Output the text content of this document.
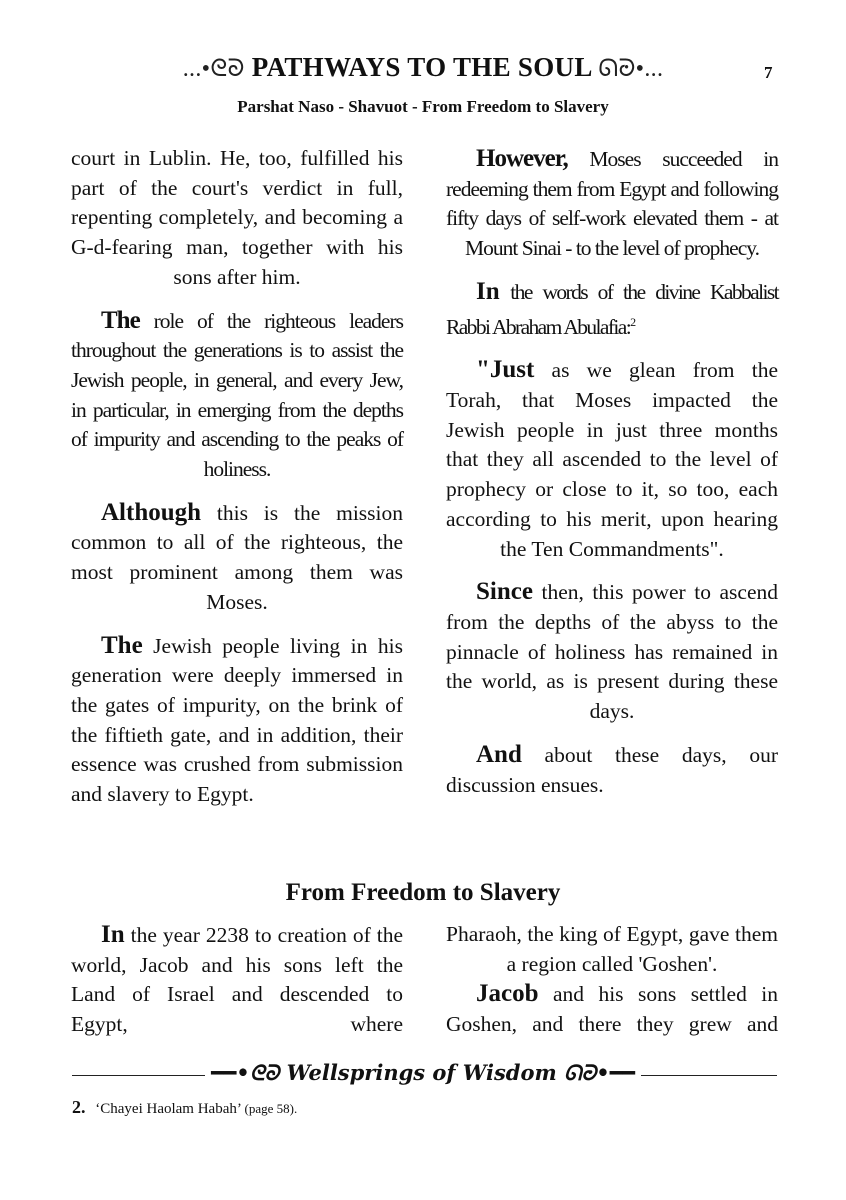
...•ᘓᘐ PATHWAYS TO THE SOUL ᘏᘒ•...	7
Parshat Naso - Shavuot - From Freedom to Slavery

court in Lublin. He, too, fulfilled his part of the court's verdict in full, repenting completely, and becoming a G-d-fearing man, together with his sons after him.

The role of the righteous leaders throughout the generations is to assist the Jewish people, in general, and every Jew, in particular, in emerging from the depths of impurity and ascending to the peaks of holiness.

Although this is the mission common to all of the righteous, the most prominent among them was Moses.

The Jewish people living in his generation were deeply immersed in the gates of impurity, on the brink of the fiftieth gate, and in addition, their essence was crushed from submission and slavery to Egypt.

However, Moses succeeded in redeeming them from Egypt and following fifty days of self-work elevated them - at Mount Sinai - to the level of prophecy.

In the words of the divine Kabbalist Rabbi Abraham Abulafia:$^2$

"Just as we glean from the Torah, that Moses impacted the Jewish people in just three months that they all ascended to the level of prophecy or close to it, so too, each according to his merit, upon hearing the Ten Commandments".

Since then, this power to ascend from the depths of the abyss to the pinnacle of holiness has remained in the world, as is present during these days.

And about these days, our discussion ensues.

From Freedom to Slavery

In the year 2238 to creation of the world, Jacob and his sons left the Land of Israel and descended to Egypt, where

Pharaoh, the king of Egypt, gave them a region called 'Goshen'.

Jacob and his sons settled in Goshen, and there they grew and

━━•ᘓᘐ Wellsprings of Wisdom ᘏᘒ•━━
2. ‘Chayei Haolam Habah’ (page 58).
